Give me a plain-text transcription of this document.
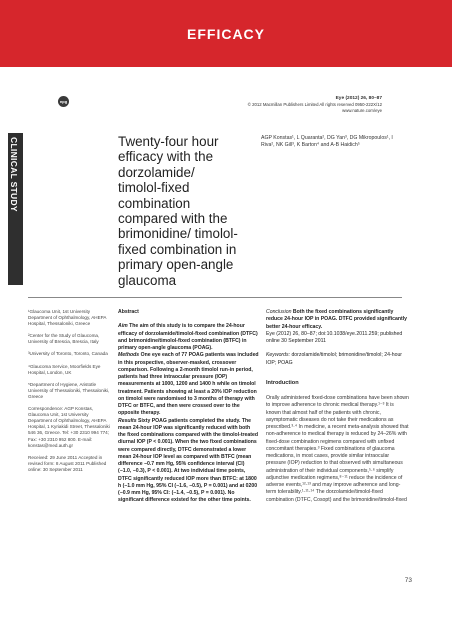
EFFICACY
npg
Eye (2012) 26, 80–87
© 2012 Macmillan Publishers Limited All rights reserved 0950-222X/12
www.nature.com/eye
CLINICAL STUDY	Twenty-four hour efficacy with the dorzolamide/ timolol-fixed combination compared with the brimonidine/ timolol-fixed combination in primary open-angle glaucoma
AGP Konstas¹, L Quaranta², DG Yan³, DG Mikropoulos¹, I Riva², NK Gill³, K Barton⁴ and A-B Haidich⁵

¹Glaucoma Unit, 1st University Department of Ophthalmology, AHEPA Hospital, Thessaloniki, Greece

²Center for the Study of Glaucoma, University of Brescia, Brescia, Italy

³University of Toronto, Toronto, Canada

⁴Glaucoma Service, Moorfields Eye Hospital, London, UK

⁵Department of Hygiene, Aristotle University of Thessaloniki, Thessaloniki, Greece

Correspondence: AGP Konstas, Glaucoma Unit, 1st University Department of Ophthalmology, AHEPA Hospital, 1 Kyriakidi Street, Thessaloniki 546 36, Greece. Tel: +30 2310 994 774; Fax: +30 2310 952 800. E-mail: konstas@med.auth.gr

Received: 29 June 2011 Accepted in revised form: 8 August 2011 Published online: 30 September 2011

Abstract
Aim The aim of this study is to compare the 24-hour efficacy of dorzolamide/timolol-fixed combination (DTFC) and brimonidine/timolol-fixed combination (BTFC) in primary open-angle glaucoma (POAG).
Methods One eye each of 77 POAG patients was included in this prospective, observer-masked, crossover comparison. Following a 2-month timolol run-in period, patients had three intraocular pressure (IOP) measurements at 1000, 1200 and 1400 h while on timolol treatment. Patients showing at least a 20% IOP reduction on timolol were randomised to 3 months of therapy with DTFC or BTFC, and then were crossed over to the opposite therapy.
Results Sixty POAG patients completed the study. The mean 24-hour IOP was significantly reduced with both the fixed combinations compared with the timolol-treated diurnal IOP (P < 0.001). When the two fixed combinations were compared directly, DTFC demonstrated a lower mean 24-hour IOP level as compared with BTFC (mean difference −0.7 mm Hg, 95% confidence interval (CI) (−1.0, −0.3), P < 0.001). At two individual time points, DTFC significantly reduced IOP more than BTFC: at 1800 h (−1.0 mm Hg, 95% CI (−1.6, −0.5), P = 0.001) and at 0200 (−0.9 mm Hg, 95% CI: (−1.4, −0.5), P = 0.001). No significant difference existed for the other time points.
Conclusion Both the fixed combinations significantly reduce 24-hour IOP in POAG. DTFC provided significantly better 24-hour efficacy.
Eye (2012) 26, 80–87; doi:10.1038/eye.2011.259; published online 30 September 2011
Keywords: dorzolamide/timolol; brimonidine/timolol; 24-hour IOP; POAG
Introduction
Orally administered fixed-dose combinations have been shown to improve adherence to chronic medical therapy.¹⁻³ It is known that almost half of the patients with chronic, asymptomatic diseases do not take their medications as prescribed.³·⁴ In medicine, a recent meta-analysis showed that non-adherence to medical therapy is reduced by 24–26% with fixed-dose combination regimens compared with unfixed concomitant therapies.³ Fixed combinations of glaucoma medications, in most cases, provide similar intraocular pressure (IOP) reduction to that observed with simultaneous administration of their individual components,⁵·⁶ simplify adjunctive medication regimens,⁸⁻¹¹ reduce the incidence of adverse events,¹²·¹³ and may improve adherence and long-term tolerability.¹·¹¹·¹⁴ The dorzolamide/timolol-fixed combination (DTFC, Cosopt) and the brimonidine/timolol-fixed
73
